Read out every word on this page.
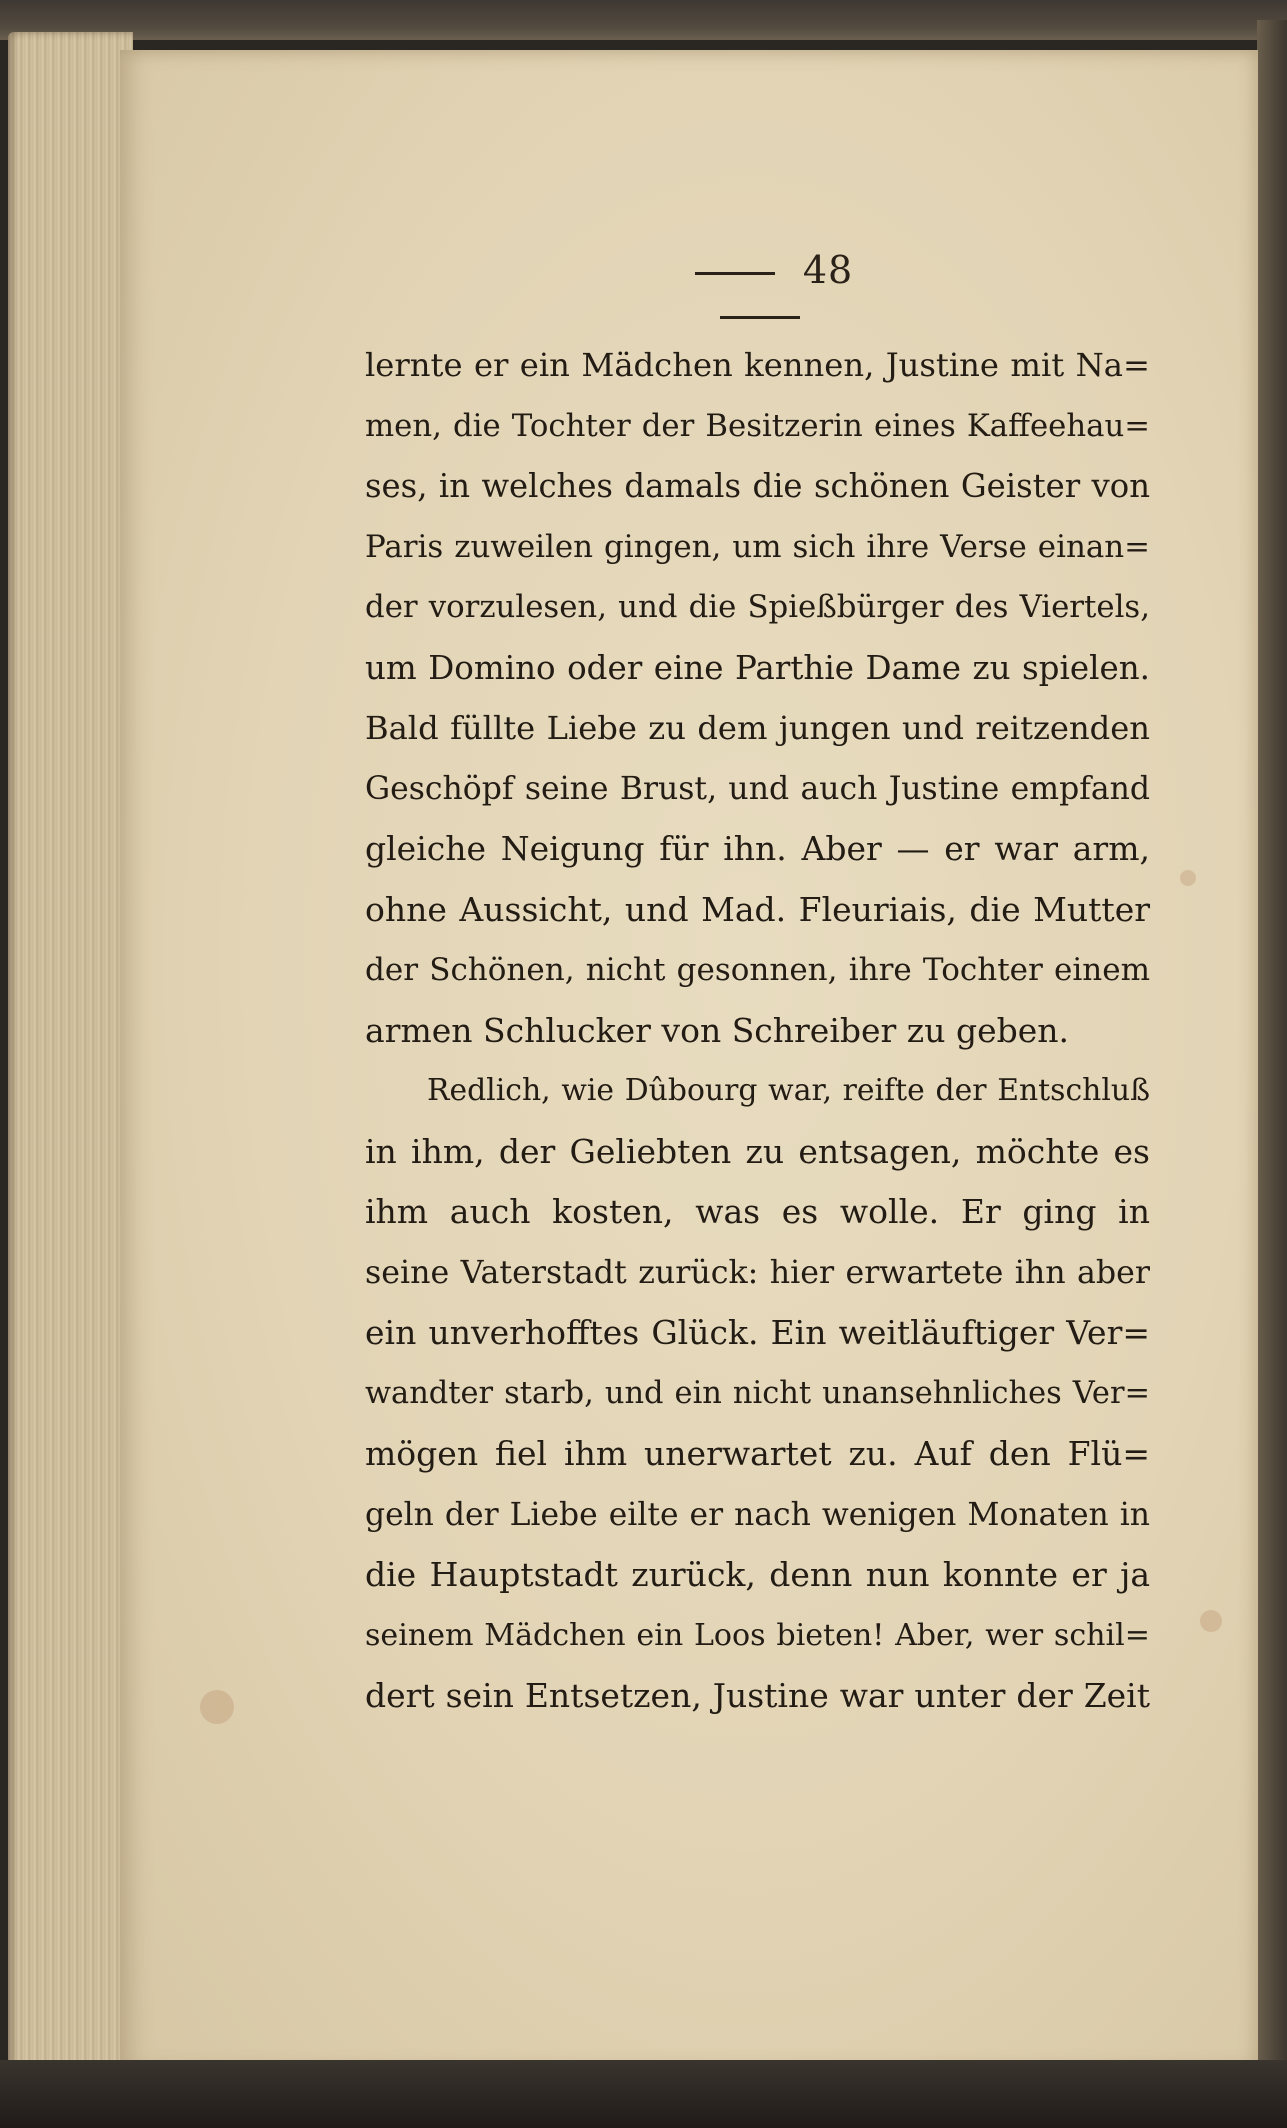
48
lernte er ein Mädchen kennen, Justine mit Na=
men, die Tochter der Besitzerin eines Kaffeehau=
ses, in welches damals die schönen Geister von
Paris zuweilen gingen, um sich ihre Verse einan=
der vorzulesen, und die Spießbürger des Viertels,
um Domino oder eine Parthie Dame zu spielen.
Bald füllte Liebe zu dem jungen und reitzenden
Geschöpf seine Brust, und auch Justine empfand
gleiche Neigung für ihn. Aber — er war arm,
ohne Aussicht, und Mad. Fleuriais, die Mutter
der Schönen, nicht gesonnen, ihre Tochter einem
armen Schlucker von Schreiber zu geben.
Redlich, wie Dûbourg war, reifte der Entschluß
in ihm, der Geliebten zu entsagen, möchte es
ihm auch kosten, was es wolle. Er ging in
seine Vaterstadt zurück: hier erwartete ihn aber
ein unverhofftes Glück. Ein weitläuftiger Ver=
wandter starb, und ein nicht unansehnliches Ver=
mögen fiel ihm unerwartet zu. Auf den Flü=
geln der Liebe eilte er nach wenigen Monaten in
die Hauptstadt zurück, denn nun konnte er ja
seinem Mädchen ein Loos bieten! Aber, wer schil=
dert sein Entsetzen, Justine war unter der Zeit
